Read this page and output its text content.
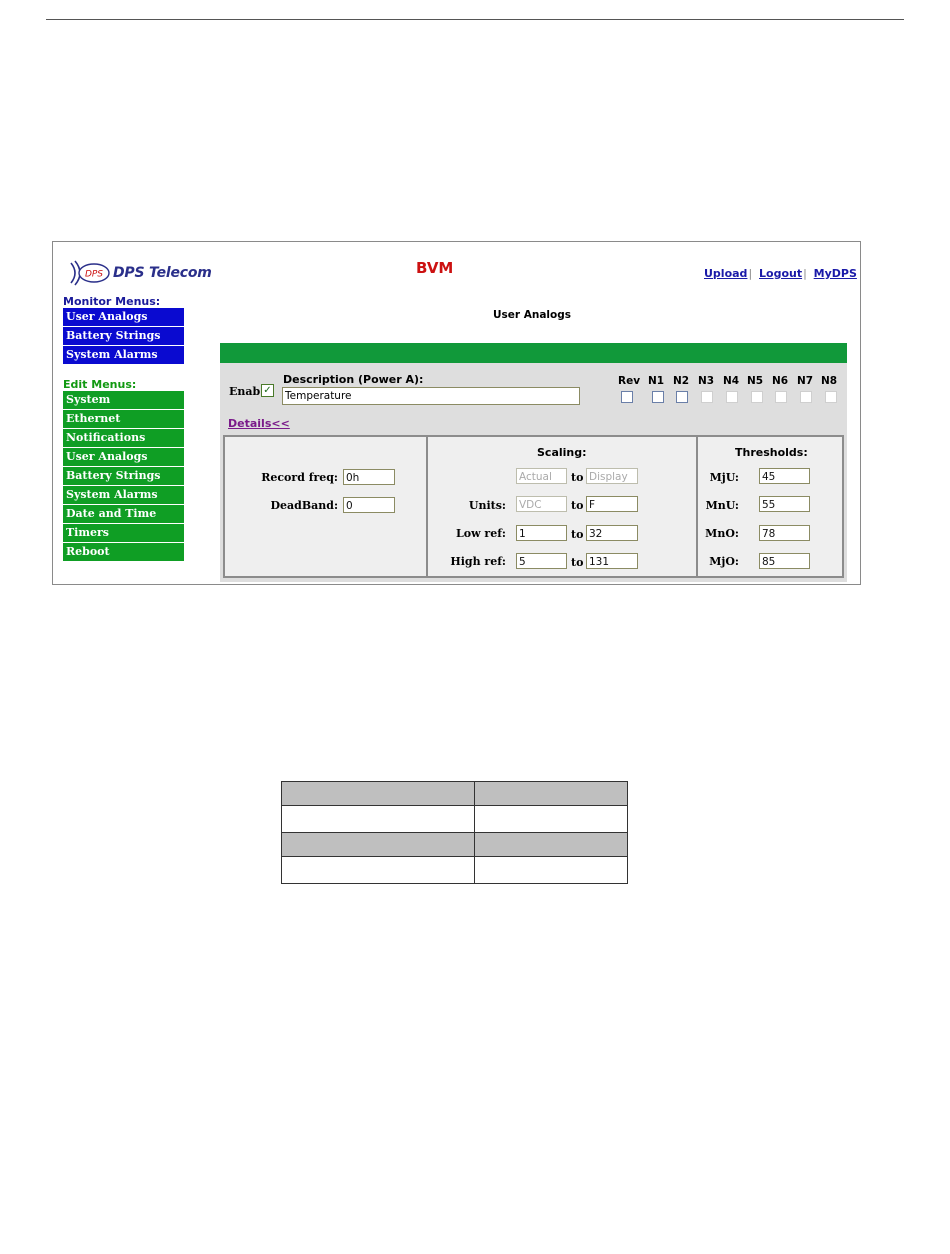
DPS DPS Telecom	BVM	Upload| Logout| MyDPS
Monitor Menus:
User Analogs
Battery Strings
System Alarms
Edit Menus:
System
Ethernet
Notifications
User Analogs
Battery Strings
System Alarms
Date and Time
Timers
Reboot
User Analogs
Enab ✓
Description (Power A):
Temperature
Rev N1 N2 N3 N4 N5 N6 N7 N8
Details<<
Record freq: 0h
DeadBand: 0
Scaling:
Actual	to Display
Units: VDC	to F
Low ref: 1	to 32
High ref: 5	to 131
Thresholds:
MjU: 45
MnU: 55
MnO: 78
MjO: 85
